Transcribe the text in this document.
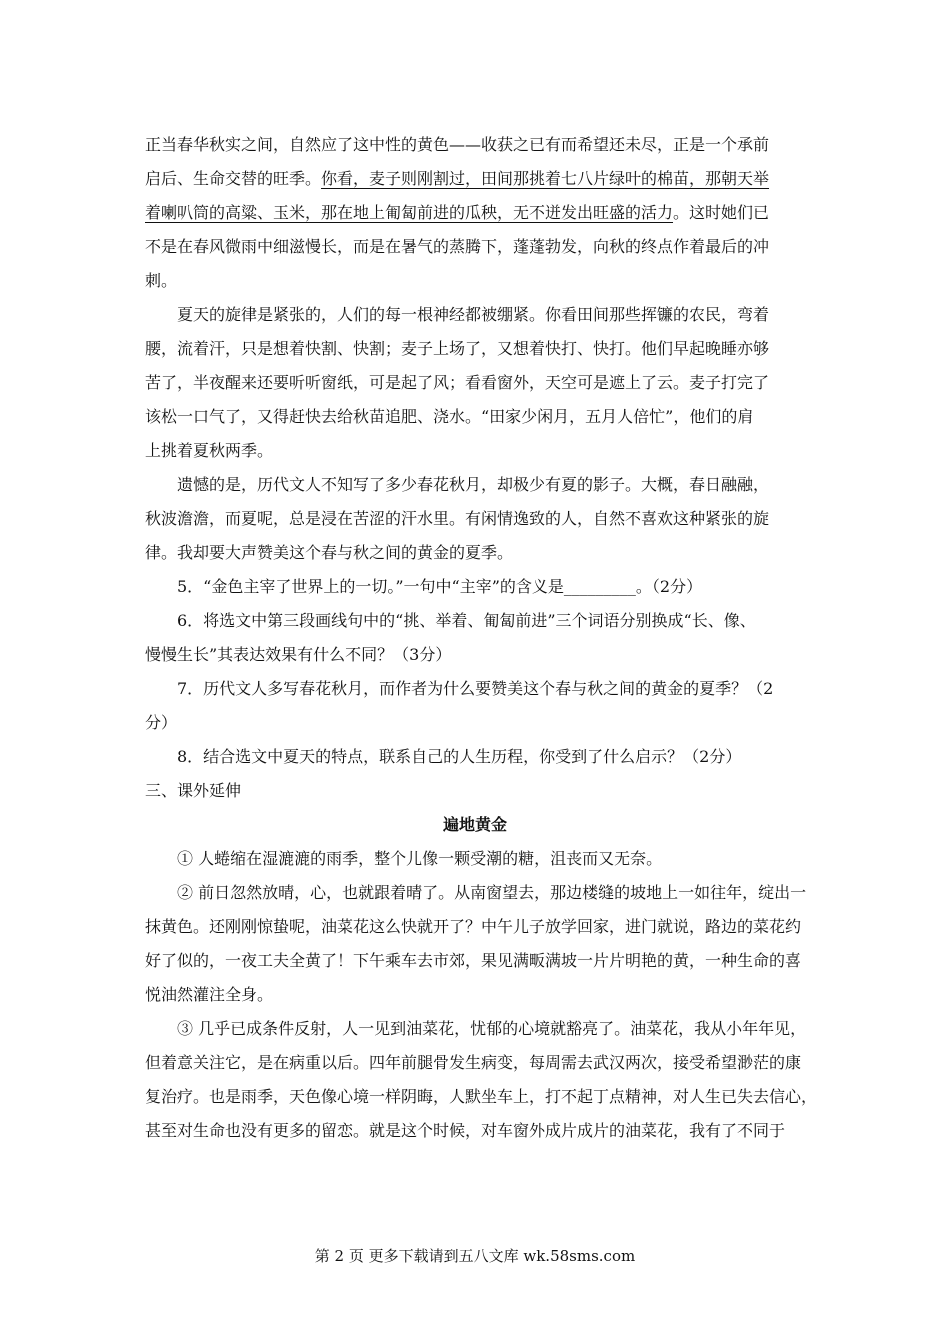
正当春华秋实之间，自然应了这中性的黄色——收获之已有而希望还未尽，正是一个承前
启后、生命交替的旺季。你看，麦子则刚割过，田间那挑着七八片绿叶的棉苗，那朝天举
着喇叭筒的高粱、玉米，那在地上匍匐前进的瓜秧，无不迸发出旺盛的活力。这时她们已
不是在春风微雨中细滋慢长，而是在暑气的蒸腾下，蓬蓬勃发，向秋的终点作着最后的冲
刺。
夏天的旋律是紧张的，人们的每一根神经都被绷紧。你看田间那些挥镰的农民，弯着
腰，流着汗，只是想着快割、快割；麦子上场了，又想着快打、快打。他们早起晚睡亦够
苦了，半夜醒来还要听听窗纸，可是起了风；看看窗外，天空可是遮上了云。麦子打完了
该松一口气了，又得赶快去给秋苗追肥、浇水。“田家少闲月，五月人倍忙”，他们的肩
上挑着夏秋两季。
遗憾的是，历代文人不知写了多少春花秋月，却极少有夏的影子。大概，春日融融，
秋波澹澹，而夏呢，总是浸在苦涩的汗水里。有闲情逸致的人，自然不喜欢这种紧张的旋
律。我却要大声赞美这个春与秋之间的黄金的夏季。
5．“金色主宰了世界上的一切。”一句中“主宰”的含义是_________。（2分）
6．将选文中第三段画线句中的“挑、举着、匍匐前进”三个词语分别换成“长、像、
慢慢生长”其表达效果有什么不同？（3分）
7．历代文人多写春花秋月，而作者为什么要赞美这个春与秋之间的黄金的夏季？（2
分）
8．结合选文中夏天的特点，联系自己的人生历程，你受到了什么启示？（2分）
三、课外延伸
遍地黄金
① 人蜷缩在湿漉漉的雨季，整个儿像一颗受潮的糖，沮丧而又无奈。
② 前日忽然放晴，心，也就跟着晴了。从南窗望去，那边楼缝的坡地上一如往年，绽出一
抹黄色。还刚刚惊蛰呢，油菜花这么快就开了？中午儿子放学回家，进门就说，路边的菜花约
好了似的，一夜工夫全黄了！下午乘车去市郊，果见满畈满坡一片片明艳的黄，一种生命的喜
悦油然灌注全身。
③ 几乎已成条件反射，人一见到油菜花，忧郁的心境就豁亮了。油菜花，我从小年年见，
但着意关注它，是在病重以后。四年前腿骨发生病变，每周需去武汉两次，接受希望渺茫的康
复治疗。也是雨季，天色像心境一样阴晦，人默坐车上，打不起丁点精神，对人生已失去信心，
甚至对生命也没有更多的留恋。就是这个时候，对车窗外成片成片的油菜花，我有了不同于
第 2 页 更多下载请到五八文库 wk.58sms.com
